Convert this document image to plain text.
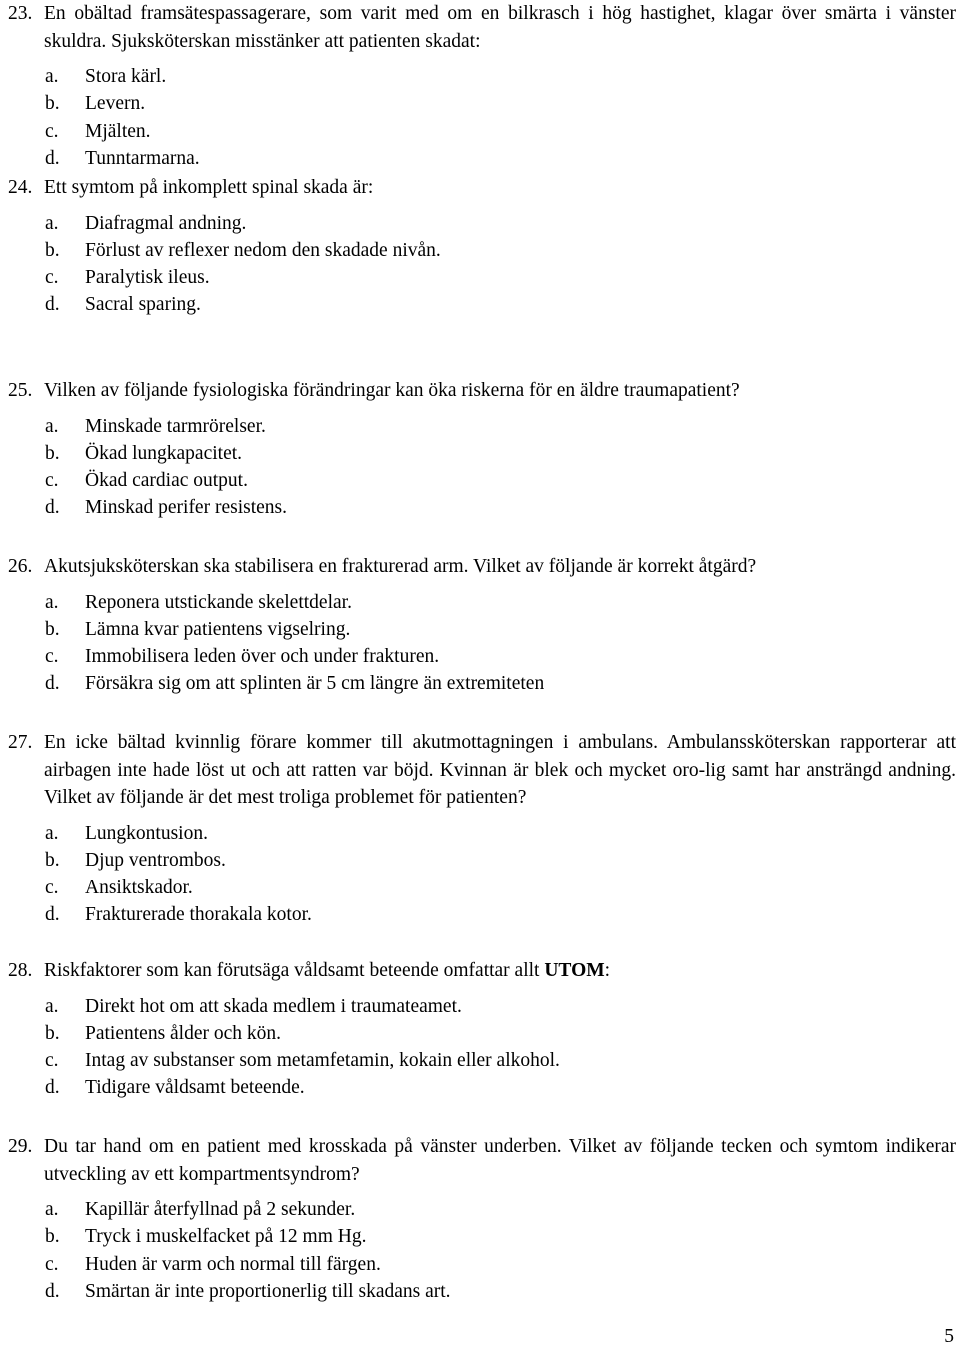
23. En obältad framsätespassagerare, som varit med om en bilkrasch i hög hastighet, klagar över smärta i vänster skuldra. Sjuksköterskan misstänker att patienten skadat:
a. Stora kärl.
b. Levern.
c. Mjälten.
d. Tunntarmarna.
24. Ett symtom på inkomplett spinal skada är:
a. Diafragmal andning.
b. Förlust av reflexer nedom den skadade nivån.
c. Paralytisk ileus.
d. Sacral sparing.
25. Vilken av följande fysiologiska förändringar kan öka riskerna för en äldre traumapatient?
a. Minskade tarmrörelser.
b. Ökad lungkapacitet.
c. Ökad cardiac output.
d. Minskad perifer resistens.
26. Akutsjuksköterskan ska stabilisera en frakturerad arm. Vilket av följande är korrekt åtgärd?
a. Reponera utstickande skelettdelar.
b. Lämna kvar patientens vigselring.
c. Immobilisera leden över och under frakturen.
d. Försäkra sig om att splinten är 5 cm längre än extremiteten
27. En icke bältad kvinnlig förare kommer till akutmottagningen i ambulans. Ambulanssköterskan rapporterar att airbagen inte hade löst ut och att ratten var böjd. Kvinnan är blek och mycket oro-lig samt har ansträngd andning. Vilket av följande är det mest troliga problemet för patienten?
a. Lungkontusion.
b. Djup ventrombos.
c. Ansiktskador.
d. Frakturerade thorakala kotor.
28. Riskfaktorer som kan förutsäga våldsamt beteende omfattar allt UTOM:
a. Direkt hot om att skada medlem i traumateamet.
b. Patientens ålder och kön.
c. Intag av substanser som metamfetamin, kokain eller alkohol.
d. Tidigare våldsamt beteende.
29. Du tar hand om en patient med krosskada på vänster underben. Vilket av följande tecken och symtom indikerar utveckling av ett kompartmentsyndrom?
a. Kapillär återfyllnad på 2 sekunder.
b. Tryck i muskelfacket på 12 mm Hg.
c. Huden är varm och normal till färgen.
d. Smärtan är inte proportionerlig till skadans art.
5
